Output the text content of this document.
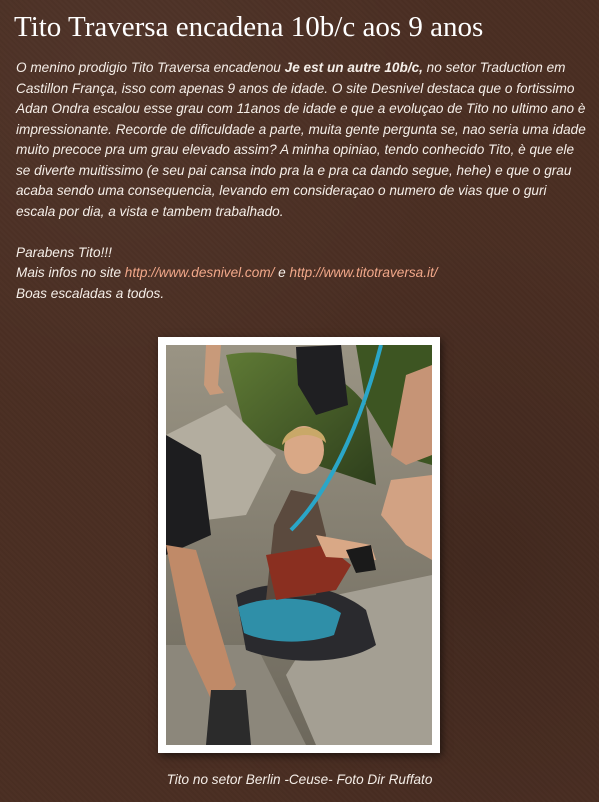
Tito Traversa encadena 10b/c aos 9 anos

O menino prodigio Tito Traversa encadenou Je est un autre 10b/c, no setor Traduction em Castillon França, isso com apenas 9 anos de idade. O site Desnivel destaca que o fortissimo Adan Ondra escalou esse grau com 11anos de idade e que a evoluçao de Tito no ultimo ano è impressionante. Recorde de dificuldade a parte, muita gente pergunta se, nao seria uma idade muito precoce pra um grau elevado assim? A minha opiniao, tendo conhecido Tito, è que ele se diverte muitissimo (e seu pai cansa indo pra la e pra ca dando segue, hehe) e que o grau acaba sendo uma consequencia, levando em consideraçao o numero de vias que o guri escala por dia, a vista e tambem trabalhado.

Parabens Tito!!!

Mais infos no site http://www.desnivel.com/ e http://www.titotraversa.it/

Boas escaladas a todos.

Tito no setor Berlin -Ceuse- Foto Dir Ruffato
